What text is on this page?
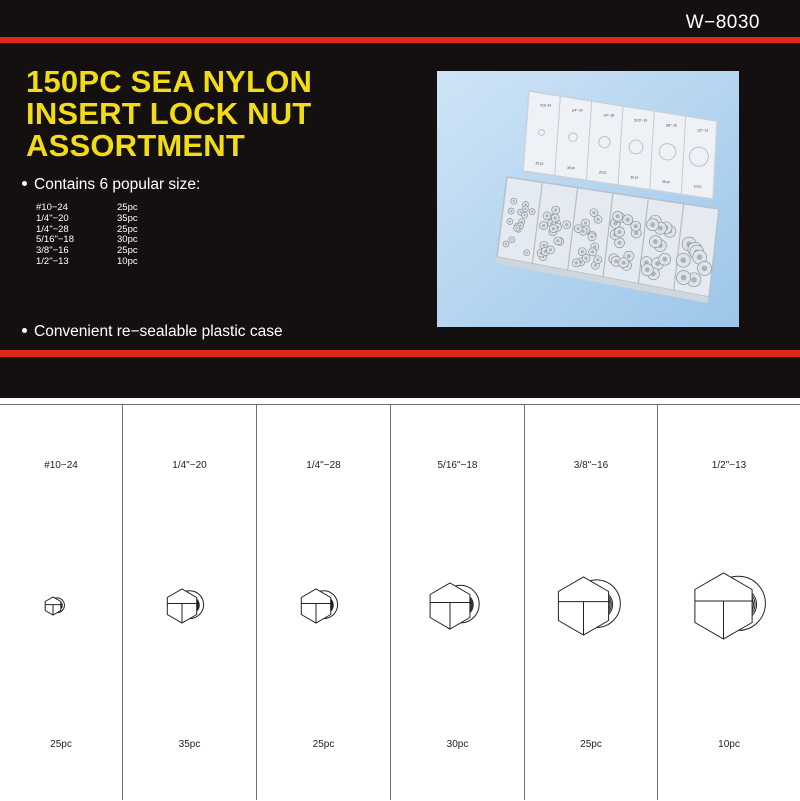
W−8030
150PC SEA NYLON
INSERT LOCK NUT
ASSORTMENT
Contains 6 popular size:
#10−24	25pc
1/4"−20	35pc
1/4"−28	25pc
5/16"−18	30pc
3/8"−16	25pc
1/2"−13	10pc
Convenient re−sealable plastic case
#10−24
25 pc
1/4"−20
35 pc
1/4"−28
25 pc
5/16"−18
30 pc
3/8"−16
25 pc
1/2"−13
10 pc
#10−24
25pc
1/4"−20
35pc
1/4"−28
25pc
5/16"−18
30pc
3/8"−16
25pc
1/2"−13
10pc
